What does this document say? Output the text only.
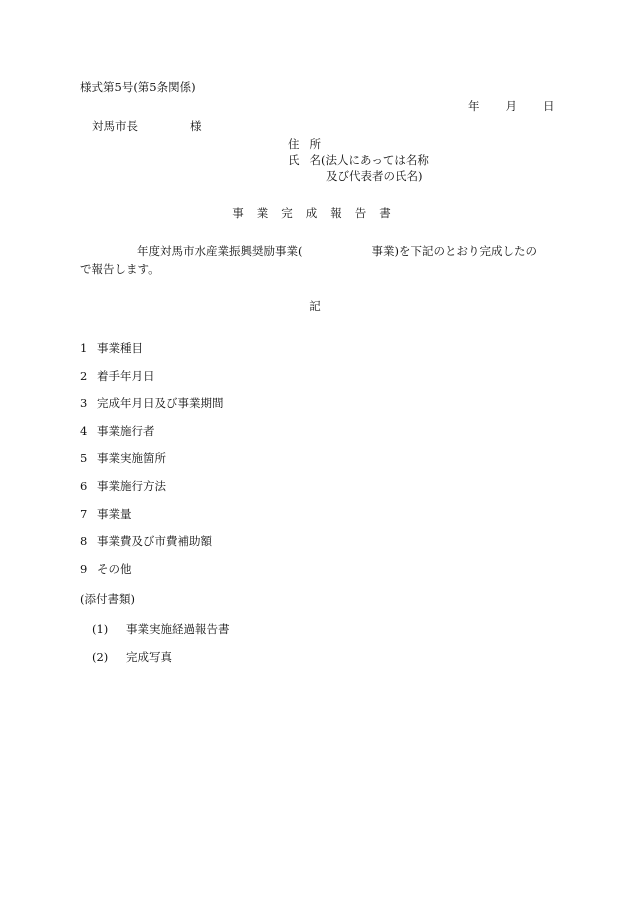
様式第5号(第5条関係)
年 月 日
対馬市長	様
住 所
氏 名(法人にあっては名称
及び代表者の氏名)
事業完成報告書
年度対馬市水産業振興奨励事業(	事業)を下記のとおり完成したの
で報告します。
記
1 事業種目
2 着手年月日
3 完成年月日及び事業期間
4 事業施行者
5 事業実施箇所
6 事業施行方法
7 事業量
8 事業費及び市費補助額
9 その他
(添付書類)
(1)	事業実施経過報告書
(2)	完成写真
